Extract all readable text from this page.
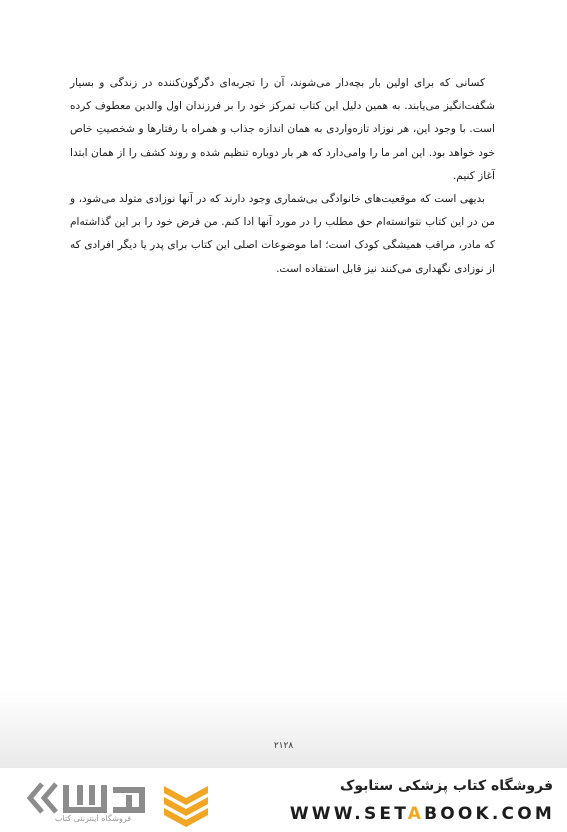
کسانی که برای اولین بار بچه‌دار می‌شوند، آن را تجربه‌ای دگرگون‌کننده در زندگی و بسیار شگفت‌انگیز می‌یابند. به همین دلیل این کتاب تمرکز خود را بر فرزندان اول والدین معطوف کرده است. با وجود این، هر نوزاد تازه‌واردی به همان اندازه جذاب و همراه با رفتارها و شخصیتِ خاص خود خواهد بود. این امر ما را وامی‌دارد که هر بار دوباره تنظیم شده و روند کشف را از همان ابتدا آغاز کنیم.

بدیهی است که موقعیت‌های خانوادگی بی‌شماری وجود دارند که در آنها نوزادی متولد می‌شود، و من در این کتاب نتوانسته‌ام حق مطلب را در مورد آنها ادا کنم. من فرض خود را بر این گذاشته‌ام که مادر، مراقب همیشگی کودک است؛ اما موضوعات اصلی این کتاب برای پدر یا دیگر افرادی که از نوزادی نگهداری می‌کنند نیز قابل استفاده است.

۲۱۲۸
فروشگاه اینترنتی کتاب
فروشگاه کتاب پزشکی ستابوک
WWW.SETABOOK.COM
